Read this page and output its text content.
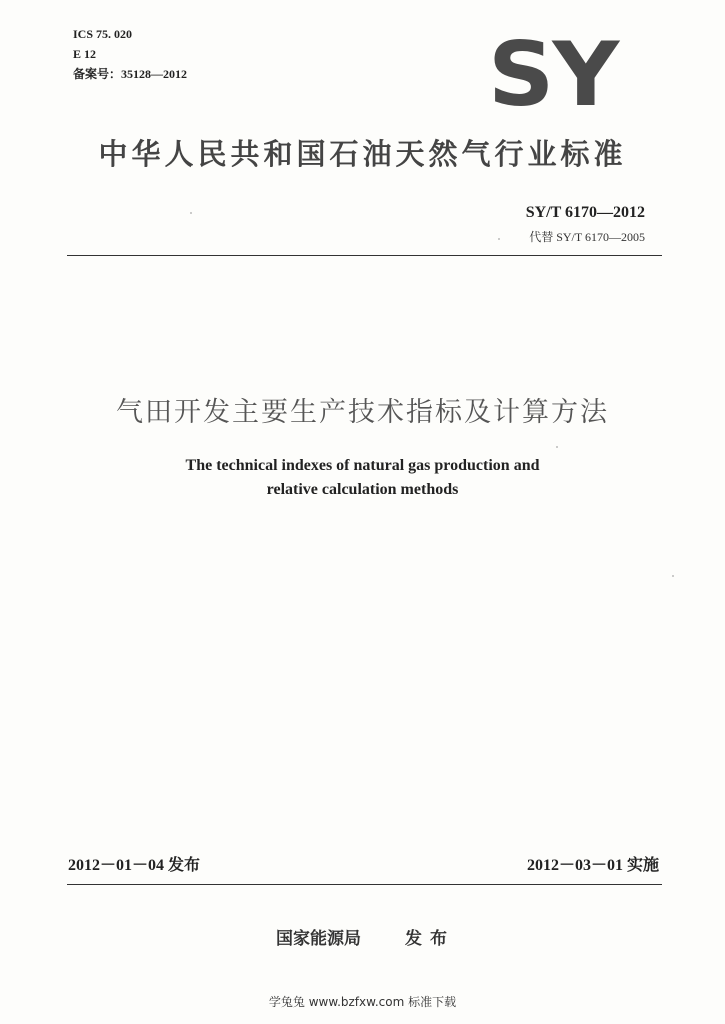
ICS 75. 020
E 12
备案号：35128—2012	SY
中华人民共和国石油天然气行业标准
SY/T 6170—2012
代替 SY/T 6170—2005
气田开发主要生产技术指标及计算方法
The technical indexes of natural gas production and
relative calculation methods
2012－01－04 发布	2012－03－01 实施
国家能源局	发布
学兔兔 www.bzfxw.com 标准下载
